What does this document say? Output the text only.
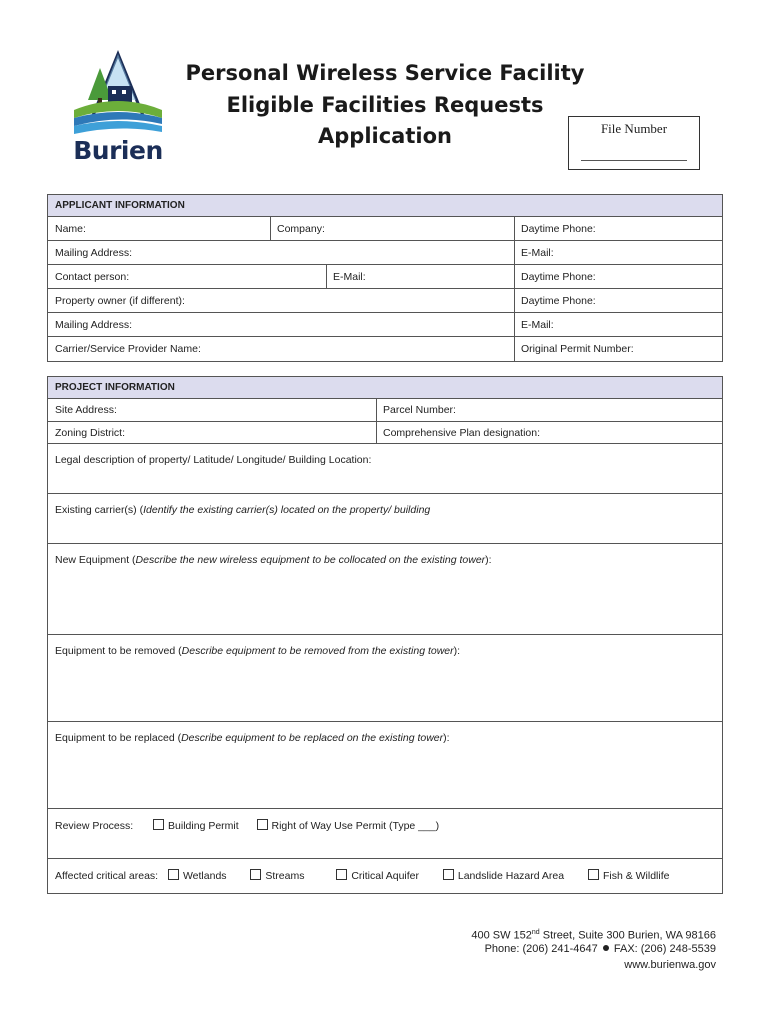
Burien
Personal Wireless Service Facility
Eligible Facilities Requests
Application	File Number
APPLICANT INFORMATION
Name:	Company:	Daytime Phone:
Mailing Address:	E-Mail:
Contact person:	E-Mail:	Daytime Phone:
Property owner (if different):	Daytime Phone:
Mailing Address:	E-Mail:
Carrier/Service Provider Name:	Original Permit Number:
PROJECT INFORMATION
Site Address:	Parcel Number:
Zoning District:	Comprehensive Plan designation:
Legal description of property/ Latitude/ Longitude/ Building Location:
Existing carrier(s) (Identify the existing carrier(s) located on the property/ building
New Equipment (Describe the new wireless equipment to be collocated on the existing tower):
Equipment to be removed (Describe equipment to be removed from the existing tower):
Equipment to be replaced (Describe equipment to be replaced on the existing tower):
Review Process:	Building Permit	Right of Way Use Permit (Type ___)
Affected critical areas: Wetlands	Streams	Critical Aquifer	Landslide Hazard Area	Fish & Wildlife
400 SW 152nd Street, Suite 300 Burien, WA 98166
Phone: (206) 241-4647 FAX: (206) 248-5539
www.burienwa.gov
